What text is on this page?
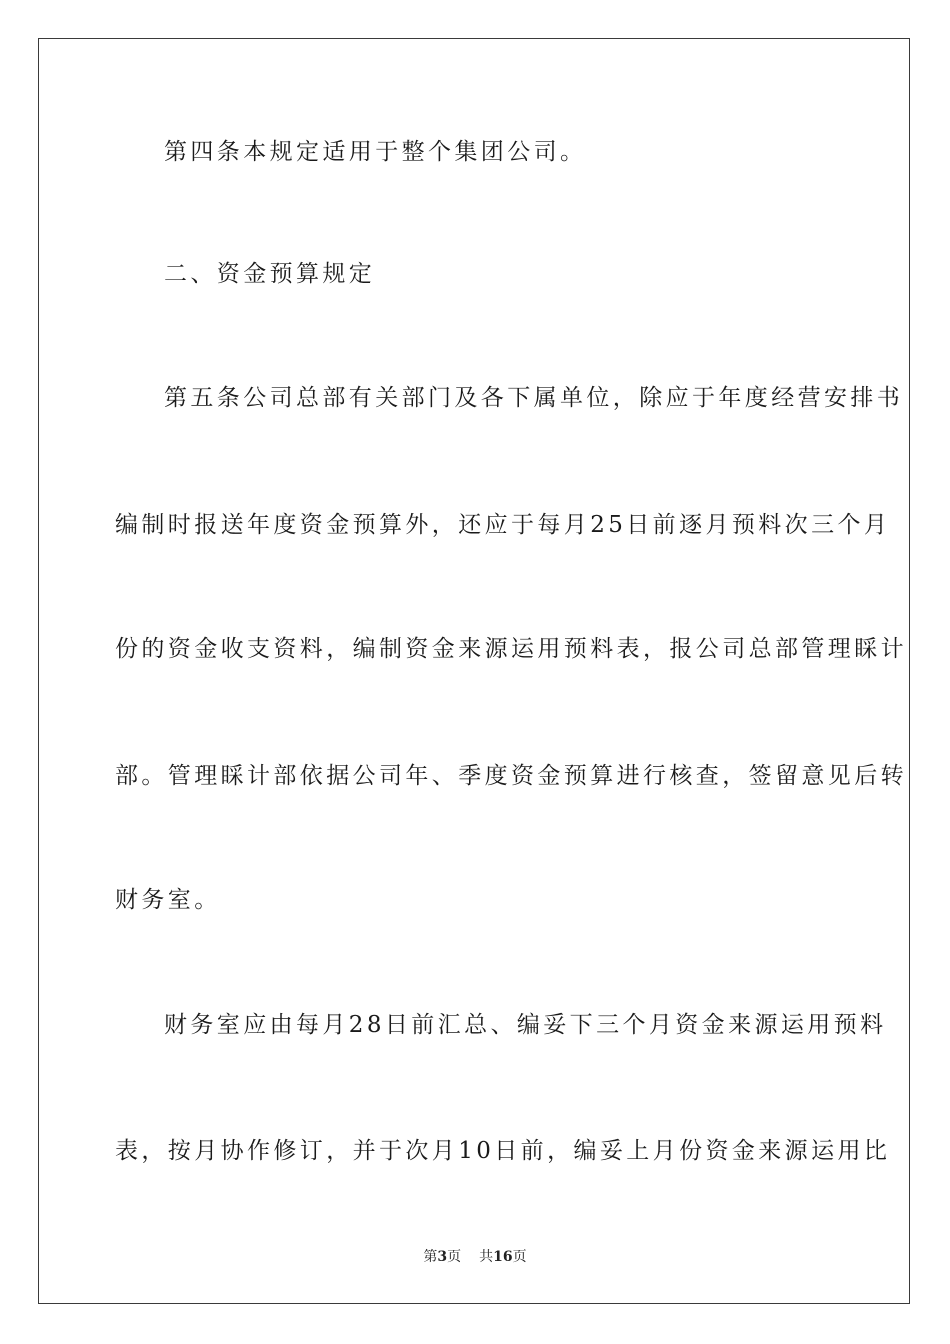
第四条本规定适用于整个集团公司。
二、资金预算规定
第五条公司总部有关部门及各下属单位，除应于年度经营安排书
编制时报送年度资金预算外，还应于每月25日前逐月预料次三个月
份的资金收支资料，编制资金来源运用预料表，报公司总部管理睬计
部。管理睬计部依据公司年、季度资金预算进行核查，签留意见后转
财务室。
财务室应由每月28日前汇总、编妥下三个月资金来源运用预料
表，按月协作修订，并于次月10日前，编妥上月份资金来源运用比
第3页 共16页
